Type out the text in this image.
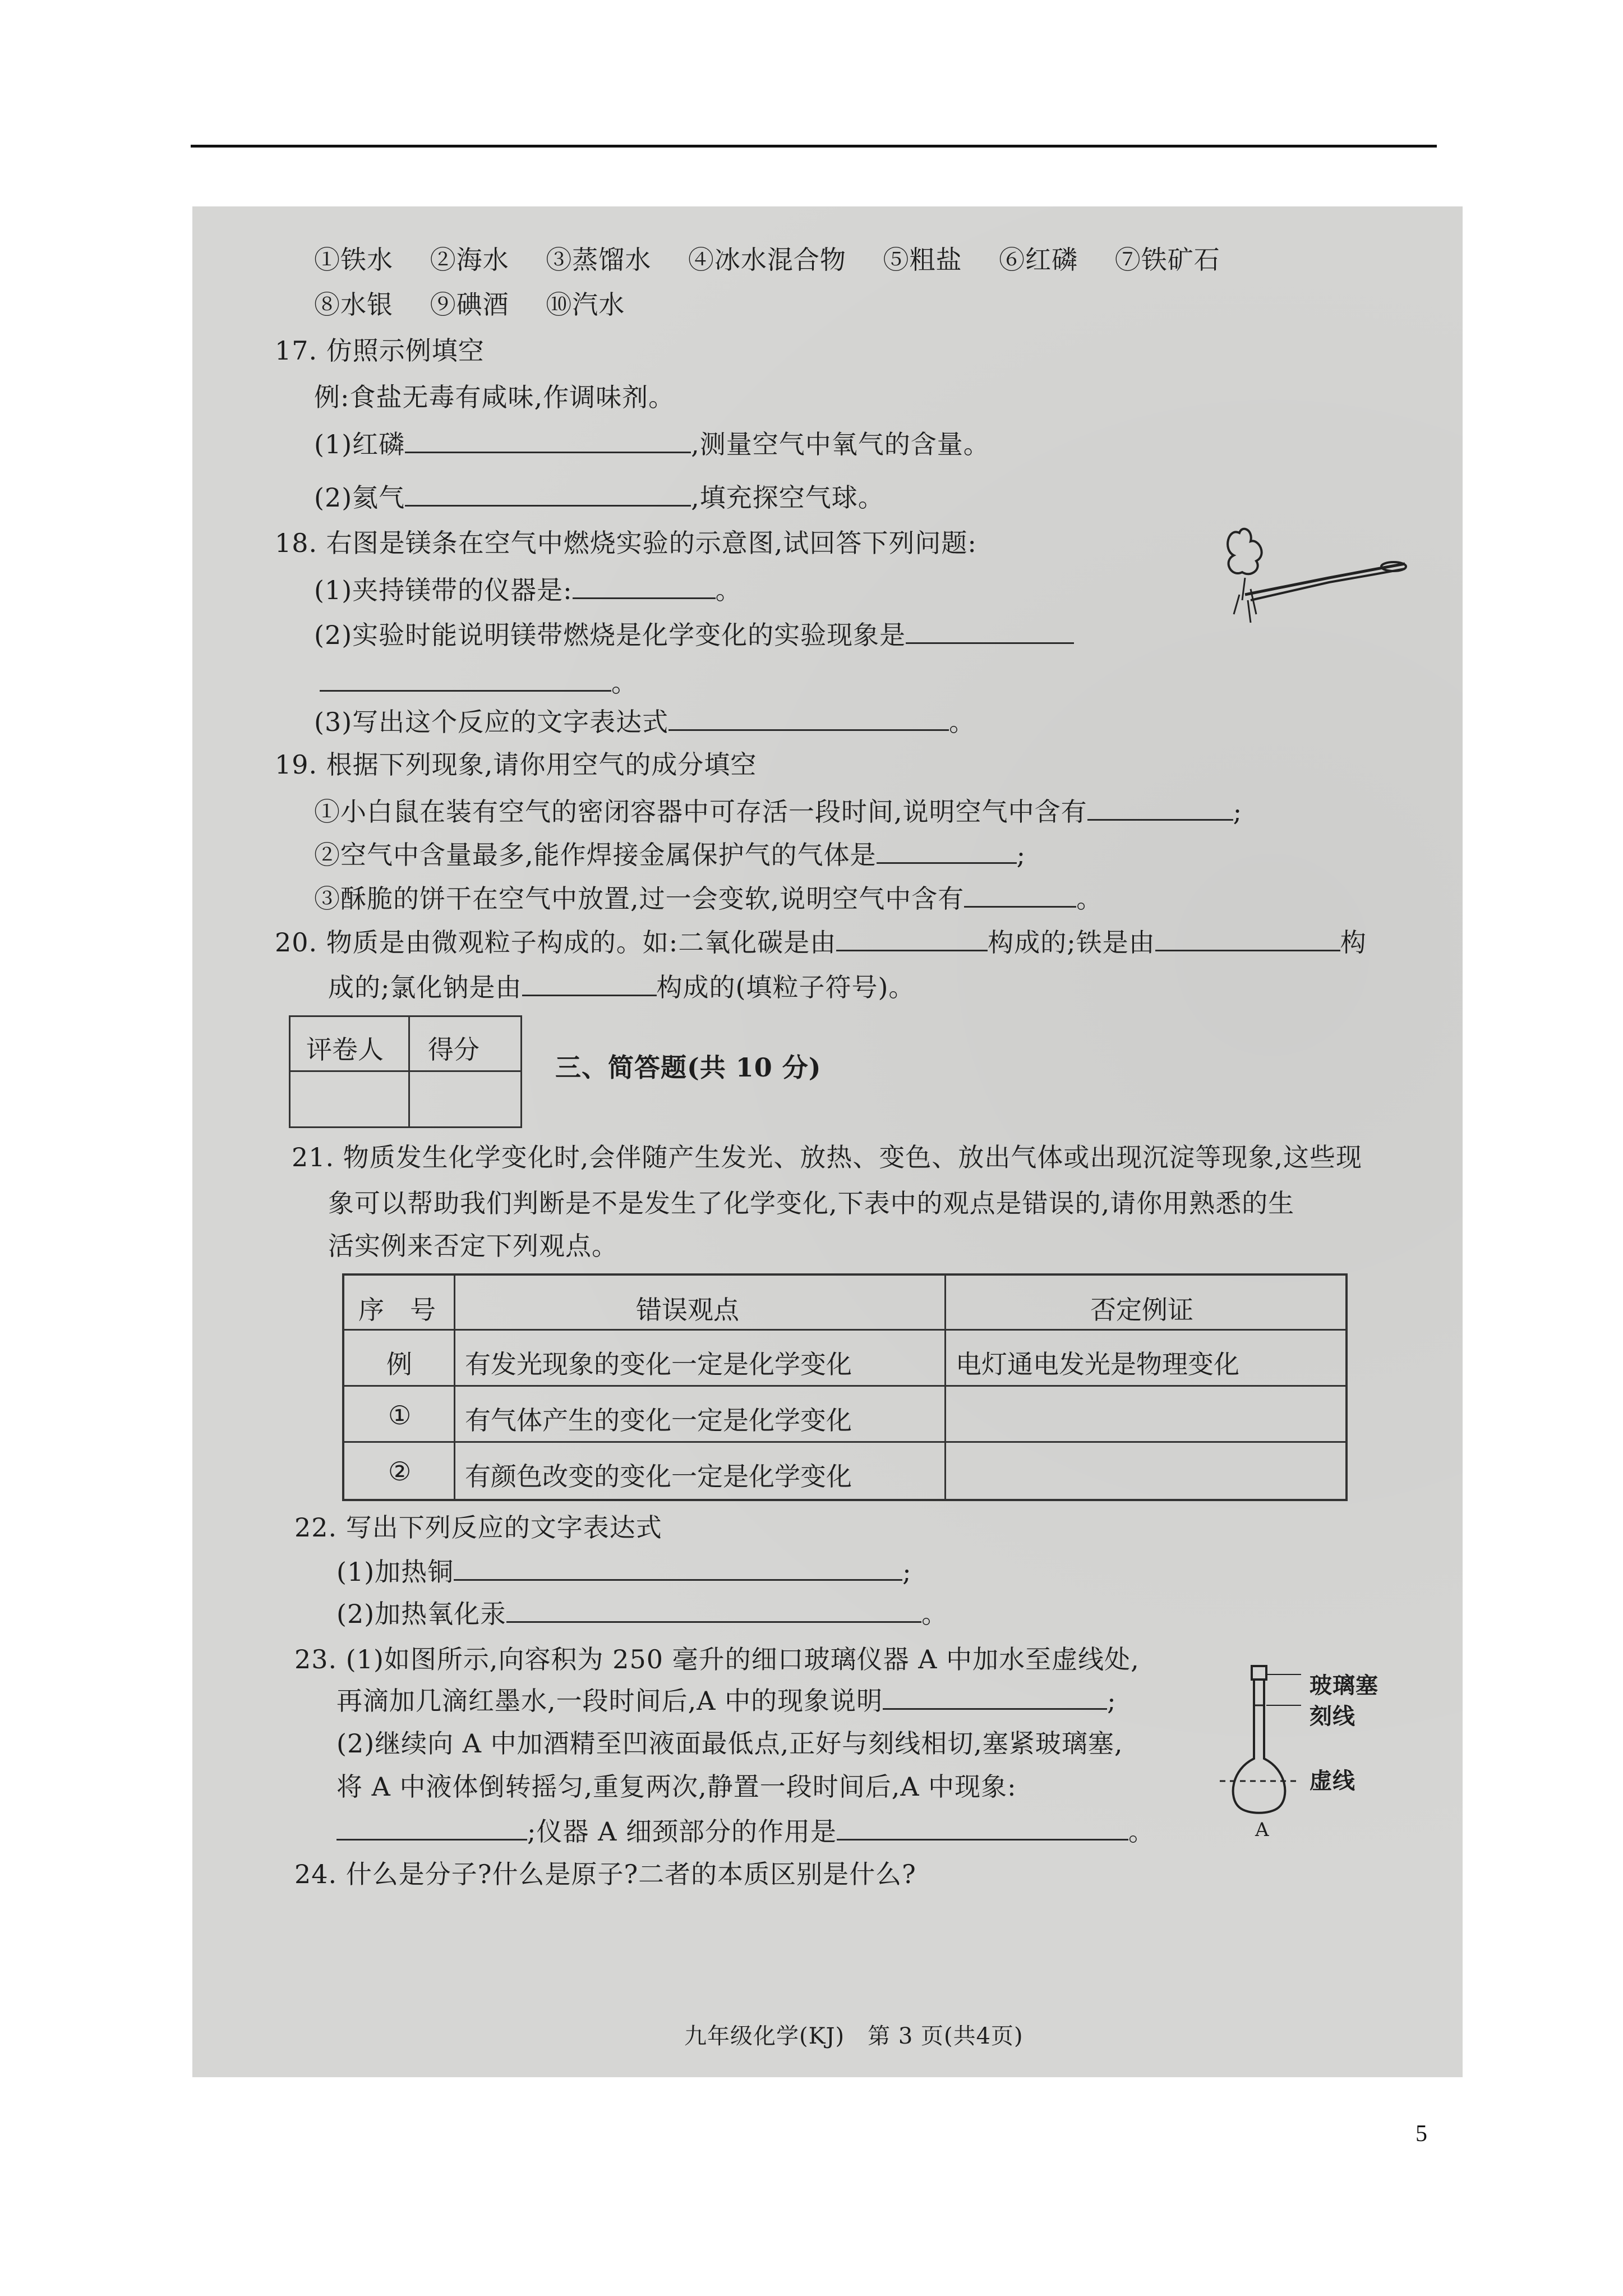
①铁水 ②海水 ③蒸馏水 ④冰水混合物 ⑤粗盐 ⑥红磷 ⑦铁矿石
⑧水银 ⑨碘酒 ⑩汽水
17. 仿照示例填空
例:食盐无毒有咸味,作调味剂。
(1)红磷	,测量空气中氧气的含量。
(2)氦气	,填充探空气球。
18. 右图是镁条在空气中燃烧实验的示意图,试回答下列问题:
(1)夹持镁带的仪器是:	。
(2)实验时能说明镁带燃烧是化学变化的实验现象是
。
(3)写出这个反应的文字表达式	。
19. 根据下列现象,请你用空气的成分填空
①小白鼠在装有空气的密闭容器中可存活一段时间,说明空气中含有	;
②空气中含量最多,能作焊接金属保护气的气体是	;
③酥脆的饼干在空气中放置,过一会变软,说明空气中含有	。
20. 物质是由微观粒子构成的。如:二氧化碳是由	构成的;铁是由	构
成的;氯化钠是由	构成的(填粒子符号)。
评卷人 得分
三、简答题(共 10 分)
21. 物质发生化学变化时,会伴随产生发光、放热、变色、放出气体或出现沉淀等现象,这些现
象可以帮助我们判断是不是发生了化学变化,下表中的观点是错误的,请你用熟悉的生
活实例来否定下列观点。
序　号	错误观点	否定例证
例 有发光现象的变化一定是化学变化	电灯通电发光是物理变化
① 有气体产生的变化一定是化学变化
② 有颜色改变的变化一定是化学变化
22. 写出下列反应的文字表达式
(1)加热铜	;
(2)加热氧化汞	。
23. (1)如图所示,向容积为 250 毫升的细口玻璃仪器 A 中加水至虚线处,
再滴加几滴红墨水,一段时间后,A 中的现象说明	;
(2)继续向 A 中加酒精至凹液面最低点,正好与刻线相切,塞紧玻璃塞,
将 A 中液体倒转摇匀,重复两次,静置一段时间后,A 中现象:
;仪器 A 细颈部分的作用是	。
玻璃塞
刻线
虚线
A
24. 什么是分子?什么是原子?二者的本质区别是什么?
九年级化学(KJ)　第 3 页(共4页)
5
